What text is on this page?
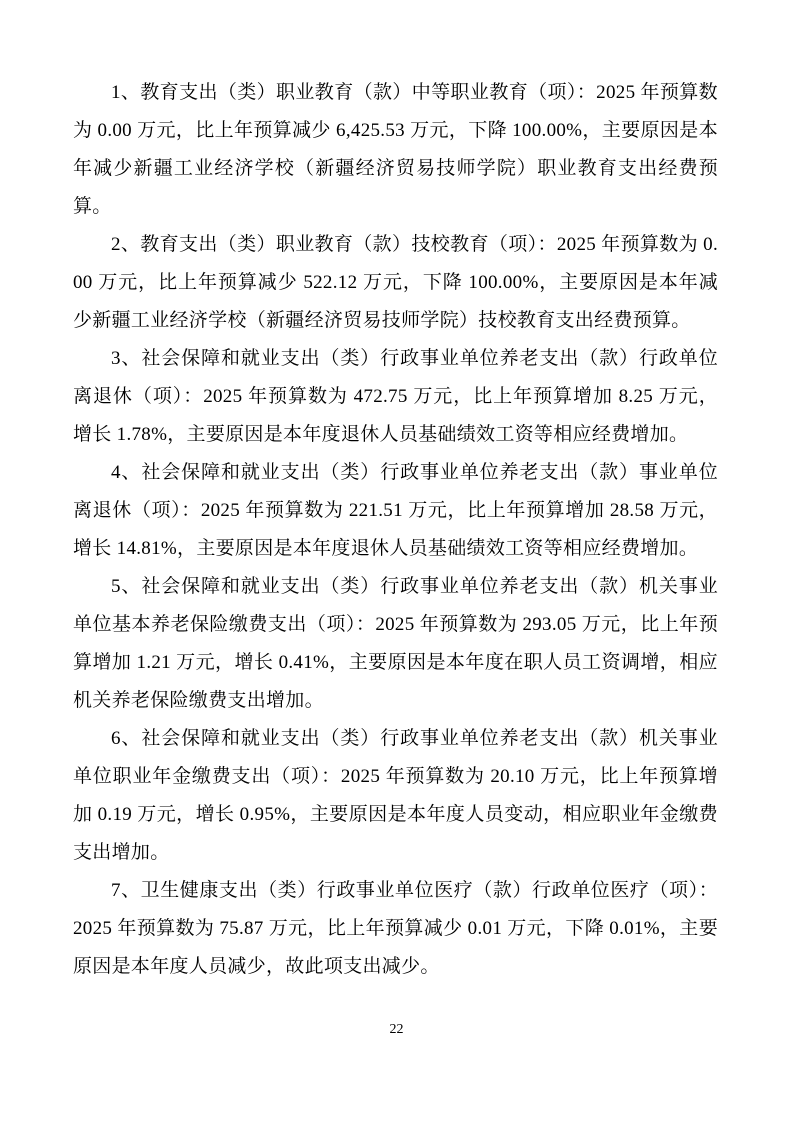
1、教育支出（类）职业教育（款）中等职业教育（项）：2025 年预算数为 0.00 万元，比上年预算减少 6,425.53 万元，下降 100.00%，主要原因是本年减少新疆工业经济学校（新疆经济贸易技师学院）职业教育支出经费预算。

2、教育支出（类）职业教育（款）技校教育（项）：2025 年预算数为 0.00 万元，比上年预算减少 522.12 万元，下降 100.00%，主要原因是本年减少新疆工业经济学校（新疆经济贸易技师学院）技校教育支出经费预算。

3、社会保障和就业支出（类）行政事业单位养老支出（款）行政单位离退休（项）：2025 年预算数为 472.75 万元，比上年预算增加 8.25 万元，增长 1.78%，主要原因是本年度退休人员基础绩效工资等相应经费增加。

4、社会保障和就业支出（类）行政事业单位养老支出（款）事业单位离退休（项）：2025 年预算数为 221.51 万元，比上年预算增加 28.58 万元，增长 14.81%，主要原因是本年度退休人员基础绩效工资等相应经费增加。

5、社会保障和就业支出（类）行政事业单位养老支出（款）机关事业单位基本养老保险缴费支出（项）：2025 年预算数为 293.05 万元，比上年预算增加 1.21 万元，增长 0.41%，主要原因是本年度在职人员工资调增，相应机关养老保险缴费支出增加。

6、社会保障和就业支出（类）行政事业单位养老支出（款）机关事业单位职业年金缴费支出（项）：2025 年预算数为 20.10 万元，比上年预算增加 0.19 万元，增长 0.95%，主要原因是本年度人员变动，相应职业年金缴费支出增加。

7、卫生健康支出（类）行政事业单位医疗（款）行政单位医疗（项）：2025 年预算数为 75.87 万元，比上年预算减少 0.01 万元，下降 0.01%，主要原因是本年度人员减少，故此项支出减少。

22
